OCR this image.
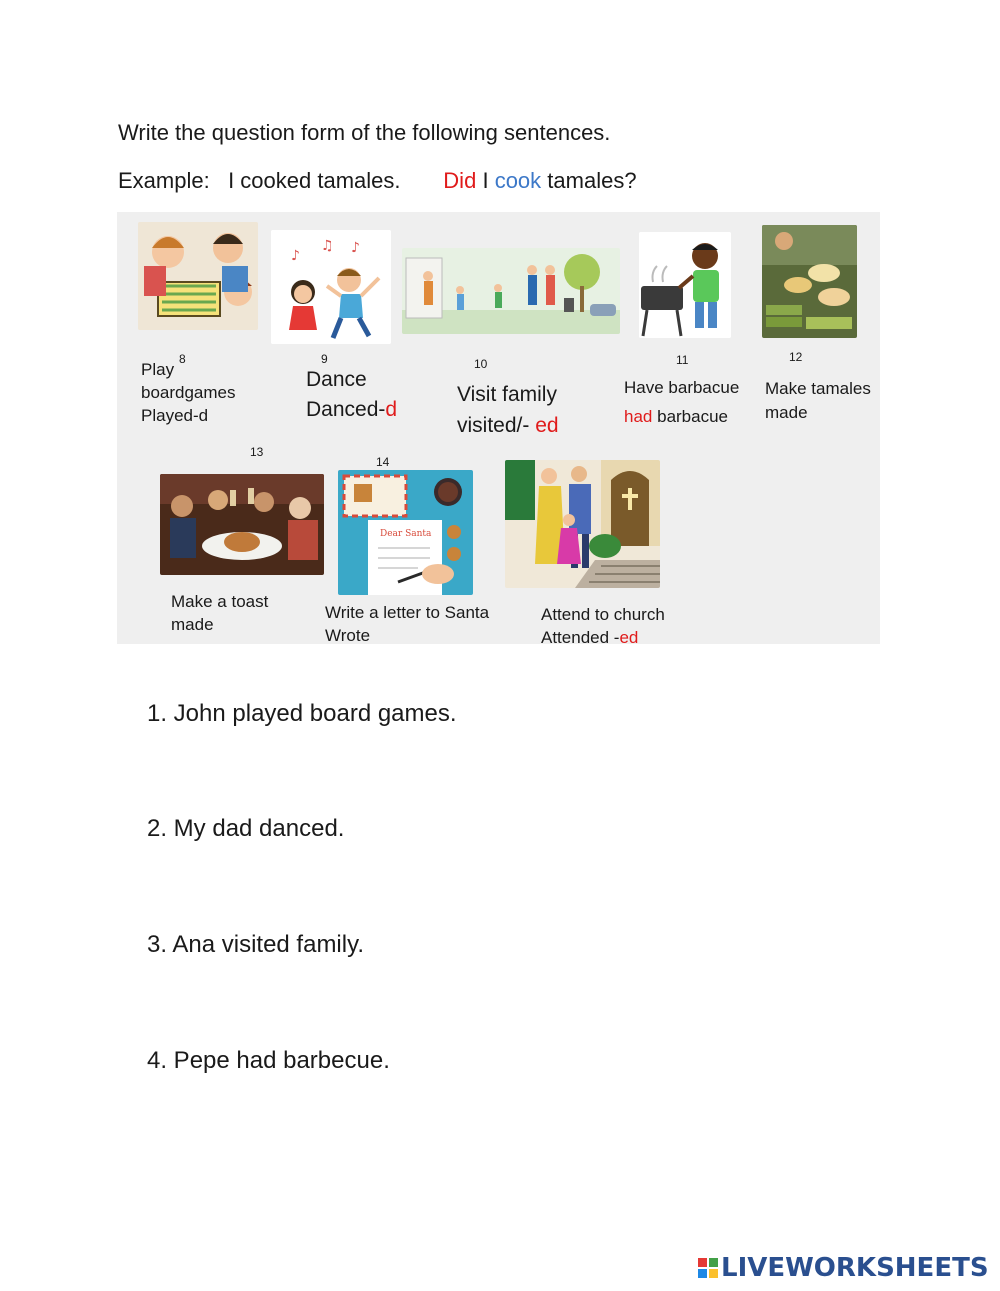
Write the question form of the following sentences.
Example: I cooked tamales. Did I cook tamales?
8
Play
boardgames
Played-d
♪
♫ ♪
9
Dance
Danced-d
10
Visit family
visited/- ed
11
Have barbacue
had barbacue
12
Make tamales
made
13
Make a toast
made
14
Dear Santa
Write a letter to Santa
Wrote
Attend to church
Attended -ed
1. John played board games.
2. My dad danced.
3. Ana visited family.
4. Pepe had barbecue.
LIVEWORKSHEETS
